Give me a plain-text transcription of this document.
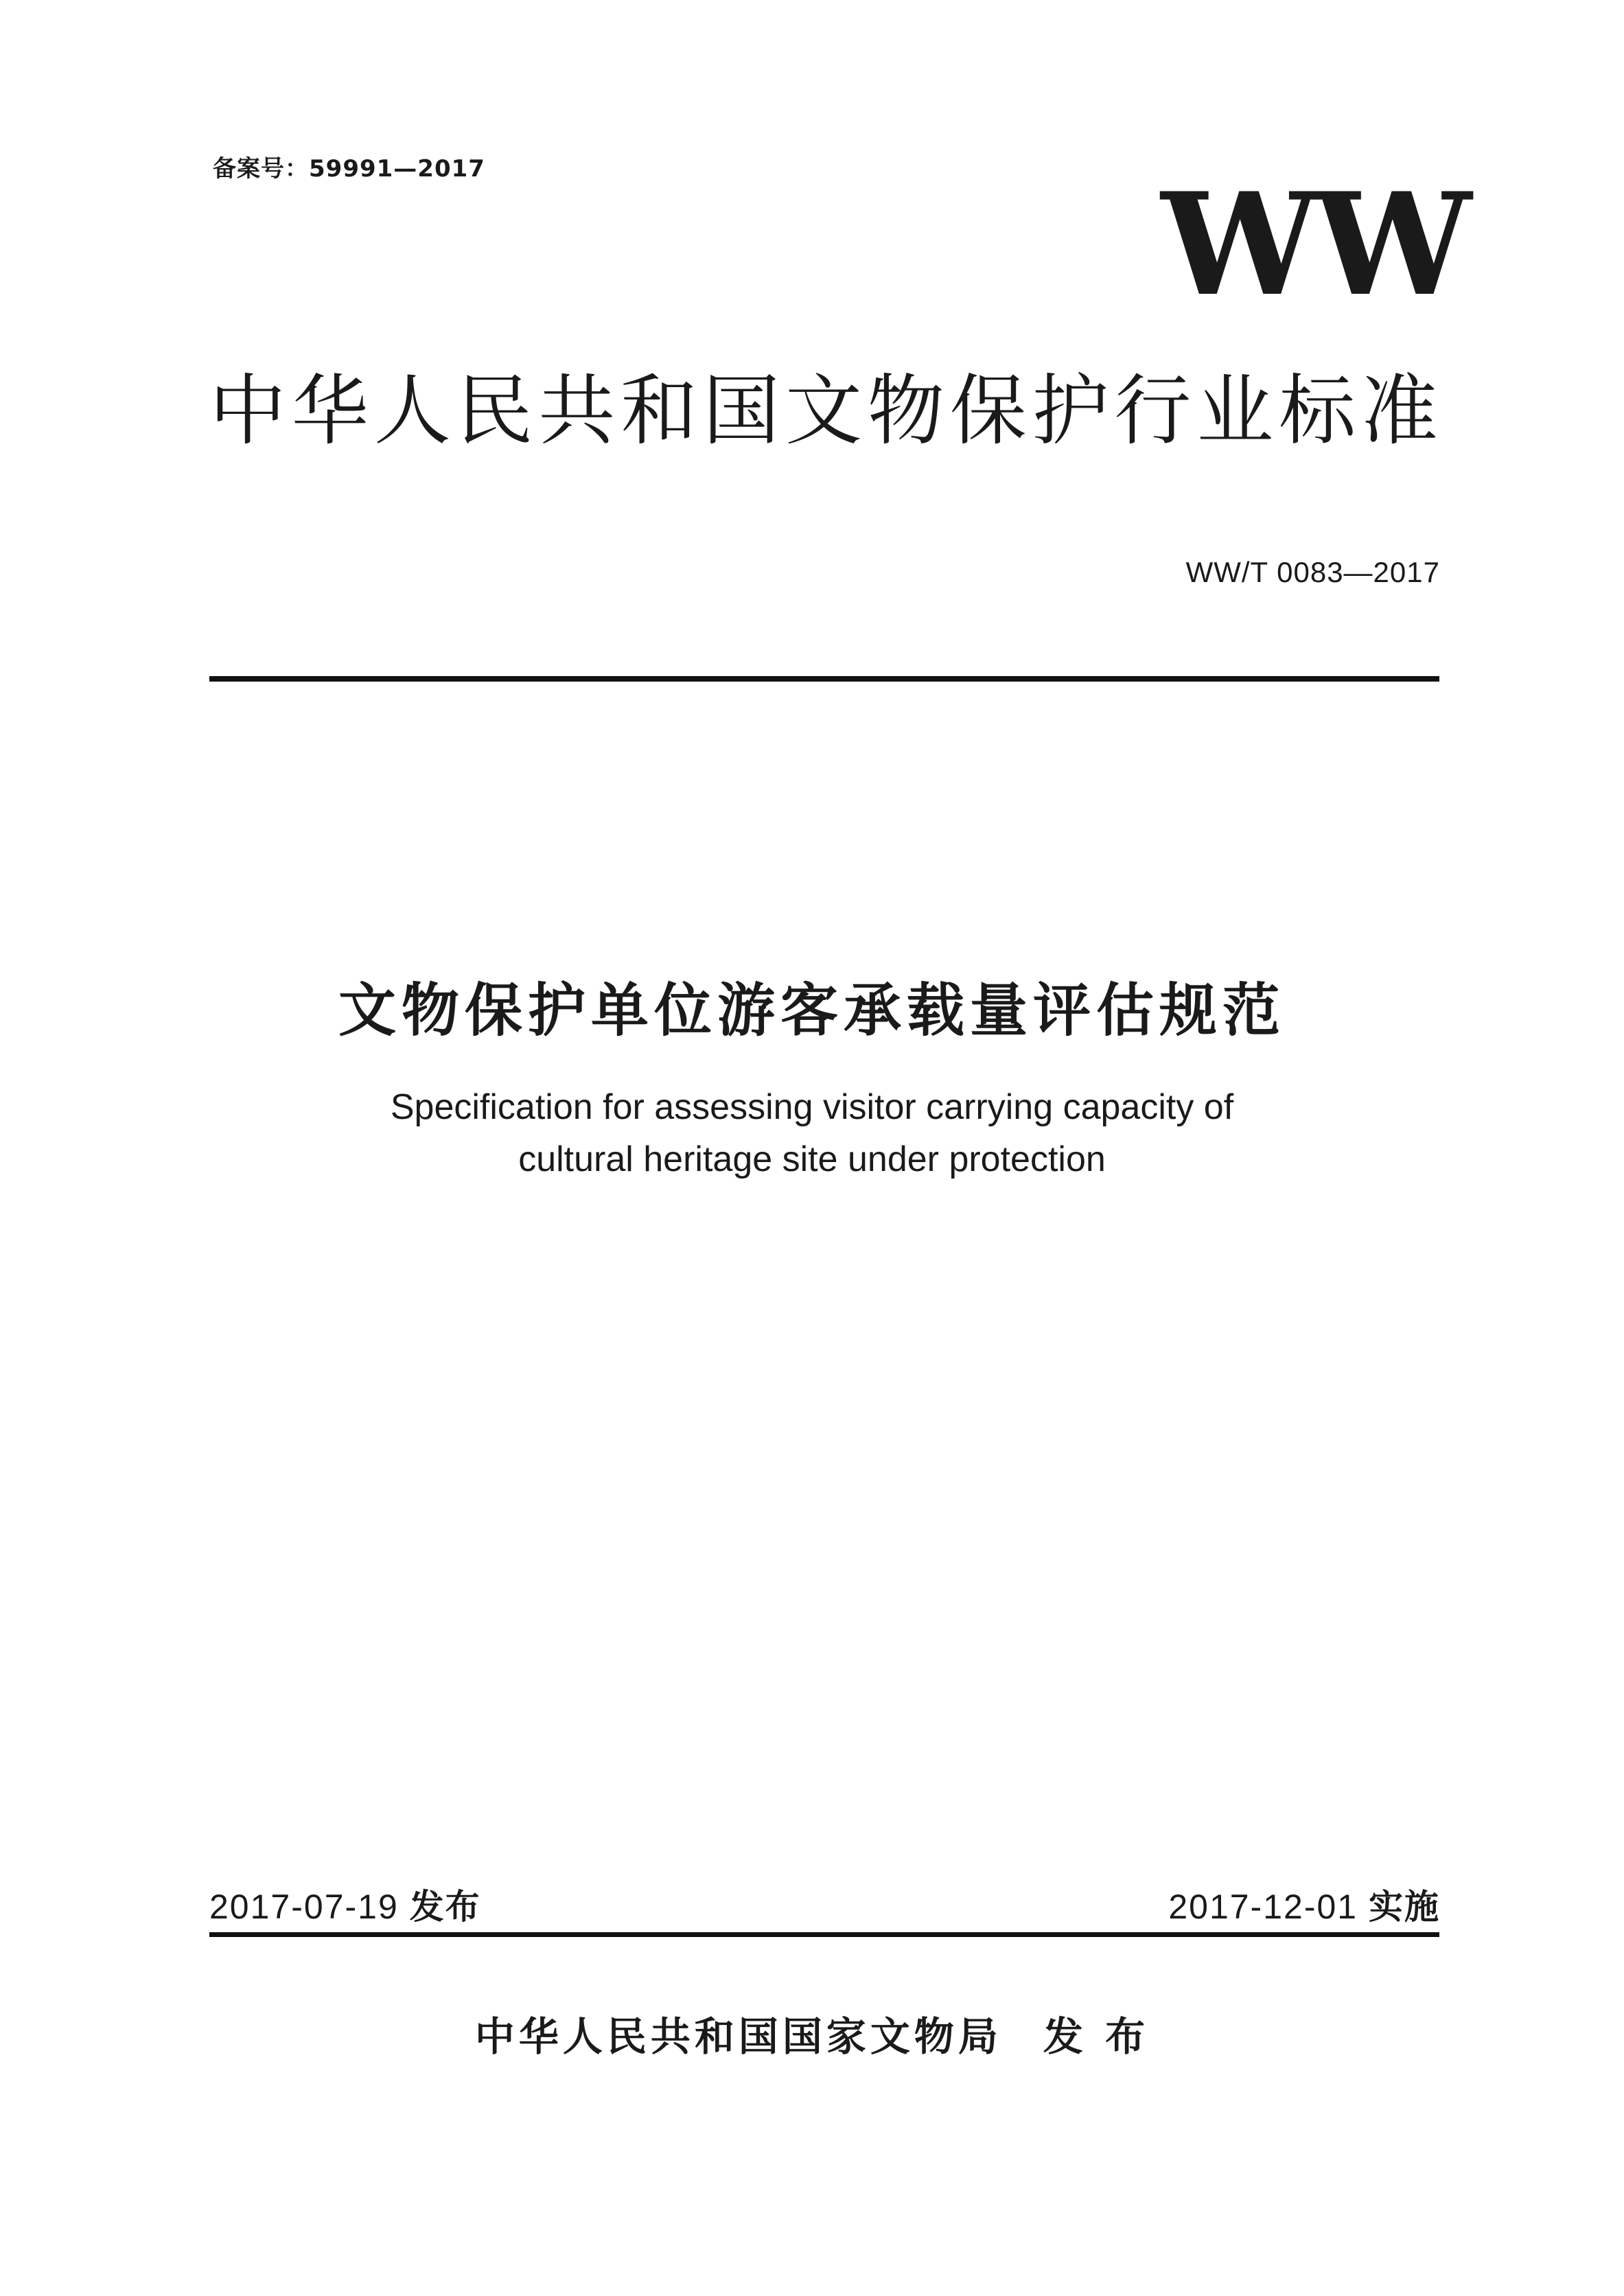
备案号：59991—2017	WW
中华人民共和国文物保护行业标准
WW/T 0083—2017
文物保护单位游客承载量评估规范
Specification for assessing visitor carrying capacity of
cultural heritage site under protection
2017-07-19 发布	2017-12-01 实施
中华人民共和国国家文物局 发 布
